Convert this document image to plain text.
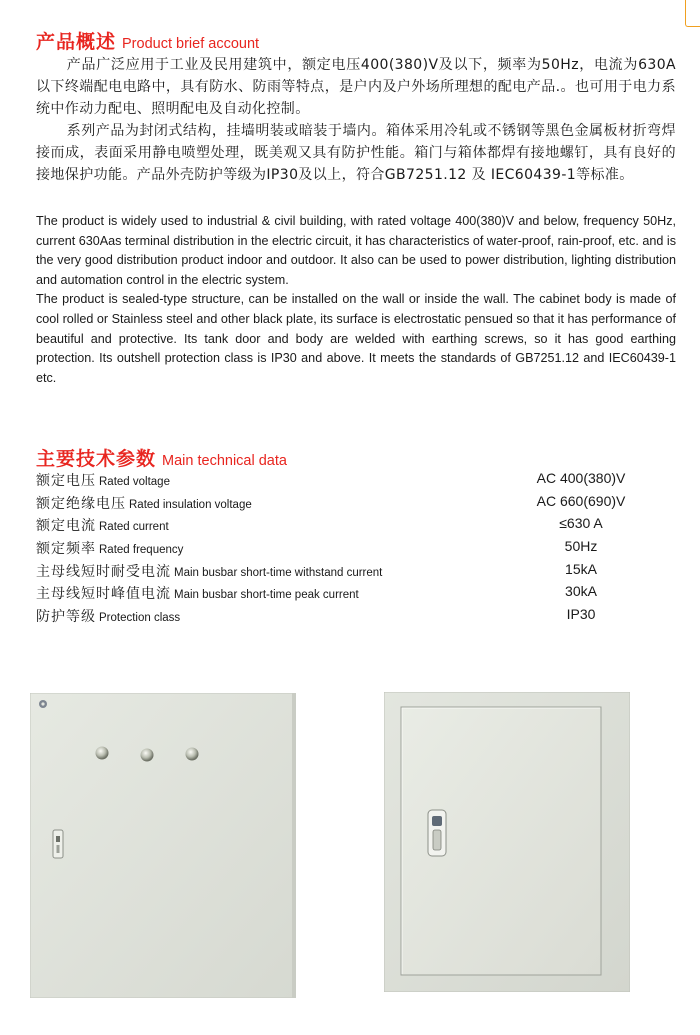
产品概述 Product brief account

产品广泛应用于工业及民用建筑中，额定电压400(380)V及以下，频率为50Hz，电流为630A以下终端配电电路中，具有防水、防雨等特点，是户内及户外场所理想的配电产品.。也可用于电力系统中作动力配电、照明配电及自动化控制。

系列产品为封闭式结构，挂墙明装或暗装于墙内。箱体采用冷轧或不锈钢等黑色金属板材折弯焊接而成，表面采用静电喷塑处理，既美观又具有防护性能。箱门与箱体都焊有接地螺钉，具有良好的接地保护功能。产品外壳防护等级为IP30及以上，符合GB7251.12 及 IEC60439-1等标准。

The product is widely used to industrial & civil building, with rated voltage 400(380)V and below, frequency 50Hz, current 630Aas terminal distribution in the electric circuit, it has characteristics of water-proof, rain-proof, etc. and is the very good distribution product indoor and outdoor. It also can be used to power distribution, lighting distribution and automation control in the electric system.

The product is sealed-type structure, can be installed on the wall or inside the wall. The cabinet body is made of cool rolled or Stainless steel and other black plate, its surface is electrostatic pensued so that it has performance of beautiful and protective. Its tank door and body are welded with earthing screws, so it has good earthing protection. Its outshell protection class is IP30 and above. It meets the standards of GB7251.12 and IEC60439-1 etc.

主要技术参数 Main technical data
额定电压 Rated voltage	AC 400(380)V
额定绝缘电压 Rated insulation voltage	AC 660(690)V
额定电流 Rated current	≤630 A
额定频率 Rated frequency	50Hz
主母线短时耐受电流 Main busbar short-time withstand current	15kA
主母线短时峰值电流 Main busbar short-time peak current	30kA
防护等级 Protection class	IP30
